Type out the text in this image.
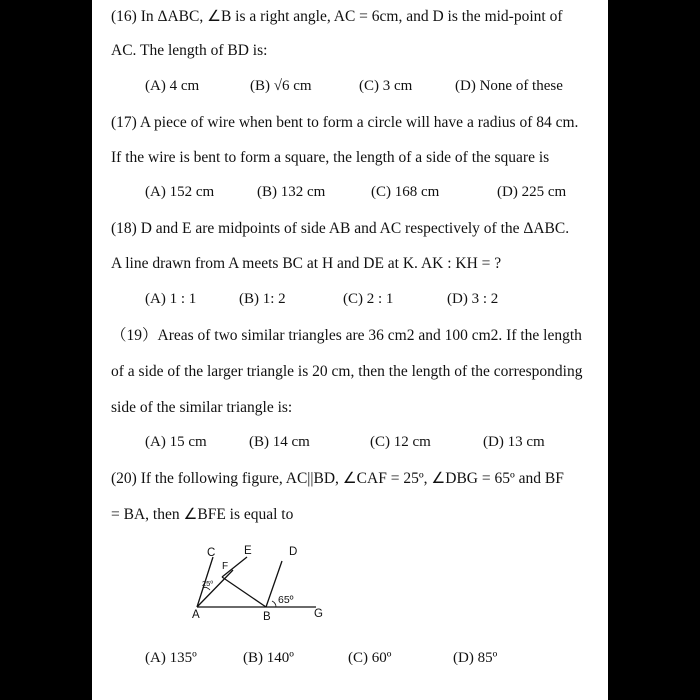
(16) In ΔABC, ∠B is a right angle, AC = 6cm, and D is the mid-point of
AC. The length of BD is:
(A) 4 cm	(B) √6 cm	(C) 3 cm	(D) None of these
(17) A piece of wire when bent to form a circle will have a radius of 84 cm.
If the wire is bent to form a square, the length of a side of the square is
(A) 152 cm	(B) 132 cm	(C) 168 cm	(D) 225 cm
(18) D and E are midpoints of side AB and AC respectively of the ΔABC.
A line drawn from A meets BC at H and DE at K. AK : KH = ?
(A) 1 : 1	(B) 1: 2	(C) 2 : 1	(D) 3 : 2
（19）Areas of two similar triangles are 36 cm2 and 100 cm2. If the length
of a side of the larger triangle is 20 cm, then the length of the corresponding
side of the similar triangle is:
(A) 15 cm	(B) 14 cm	(C) 12 cm	(D) 13 cm
(20) If the following figure, AC||BD, ∠CAF = 25º, ∠DBG = 65º and BF
= BA, then ∠BFE is equal to
C E	D
F
A	B	G
25º
65º
(A) 135º	(B) 140º	(C) 60º	(D) 85º
